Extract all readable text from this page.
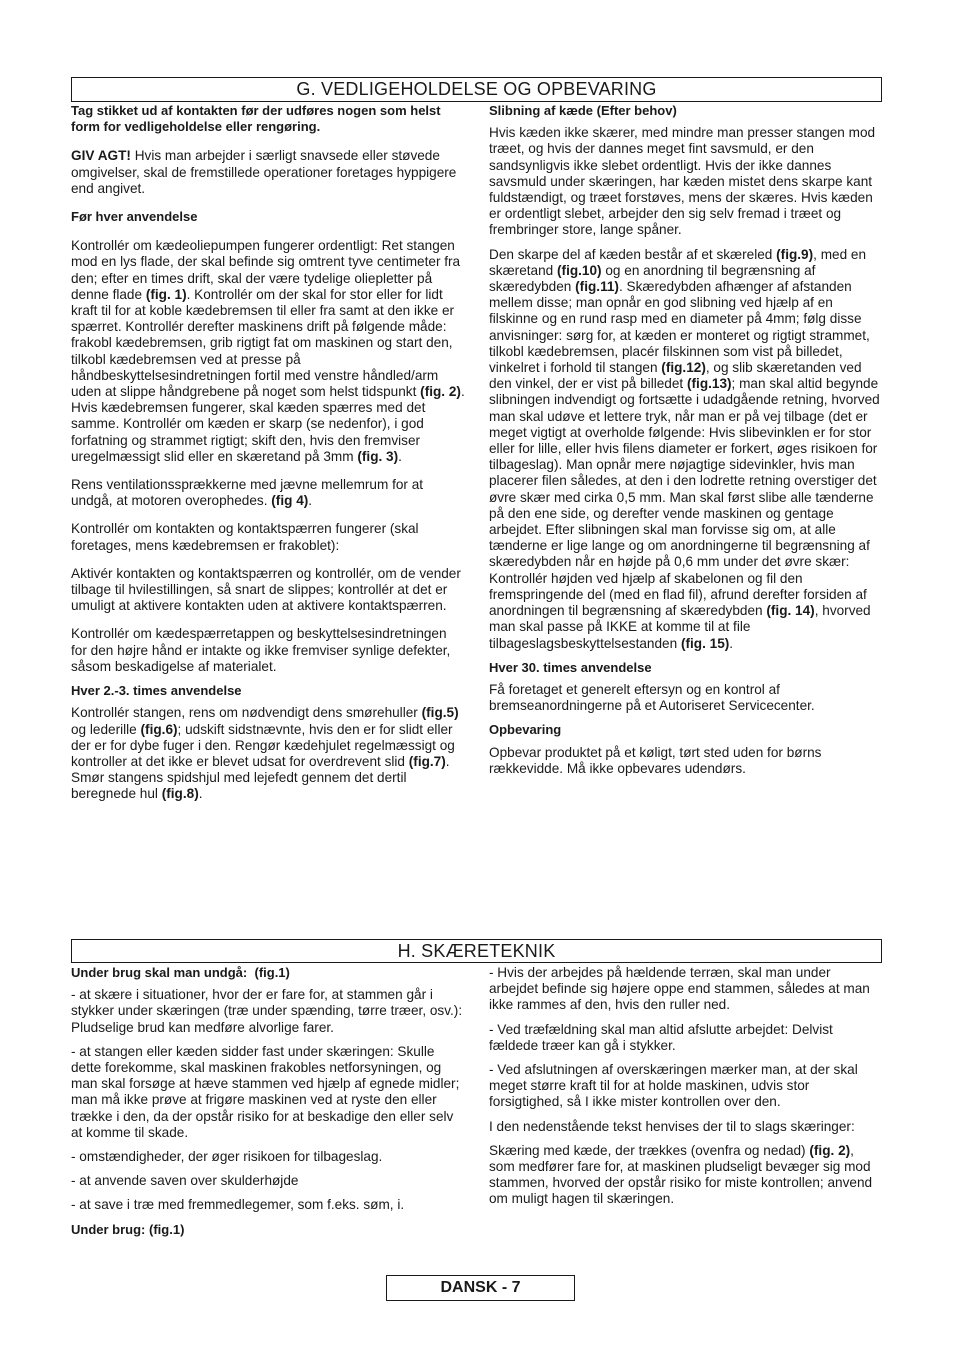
G. VEDLIGEHOLDELSE OG OPBEVARING

Tag stikket ud af kontakten før der udføres nogen som helst form for vedligeholdelse eller rengøring.

GIV AGT! Hvis man arbejder i særligt snavsede eller støvede omgivelser, skal de fremstillede operationer foretages hyppigere end angivet.

Før hver anvendelse

Kontrollér om kædeoliepumpen fungerer ordentligt: Ret stangen mod en lys flade, der skal befinde sig omtrent tyve centimeter fra den; efter en times drift, skal der være tydelige oliepletter på denne flade (fig. 1). Kontrollér om der skal for stor eller for lidt kraft til for at koble kædebremsen til eller fra samt at den ikke er spærret. Kontrollér derefter maskinens drift på følgende måde: frakobl kædebremsen, grib rigtigt fat om maskinen og start den, tilkobl kædebremsen ved at presse på håndbeskyttelsesindretningen fortil med venstre håndled/arm uden at slippe håndgrebene på noget som helst tidspunkt (fig. 2). Hvis kædebremsen fungerer, skal kæden spærres med det samme. Kontrollér om kæden er skarp (se nedenfor), i god forfatning og strammet rigtigt; skift den, hvis den fremviser uregelmæssigt slid eller en skæretand på 3mm (fig. 3).

Rens ventilationssprækkerne med jævne mellemrum for at undgå, at motoren overophedes. (fig 4).

Kontrollér om kontakten og kontaktspærren fungerer (skal foretages, mens kædebremsen er frakoblet):

Aktivér kontakten og kontaktspærren og kontrollér, om de vender tilbage til hvilestillingen, så snart de slippes; kontrollér at det er umuligt at aktivere kontakten uden at aktivere kontaktspærren.

Kontrollér om kædespærretappen og beskyttelsesindretningen for den højre hånd er intakte og ikke fremviser synlige defekter, såsom beskadigelse af materialet.

Hver 2.-3. times anvendelse

Kontrollér stangen, rens om nødvendigt dens smørehuller (fig.5) og lederille (fig.6); udskift sidstnævnte, hvis den er for slidt eller der er for dybe fuger i den. Rengør kædehjulet regelmæssigt og kontroller at det ikke er blevet udsat for overdrevent slid (fig.7). Smør stangens spidshjul med lejefedt gennem det dertil beregnede hul (fig.8).

Slibning af kæde (Efter behov)

Hvis kæden ikke skærer, med mindre man presser stangen mod træet, og hvis der dannes meget fint savsmuld, er den sandsynligvis ikke slebet ordentligt. Hvis der ikke dannes savsmuld under skæringen, har kæden mistet dens skarpe kant fuldstændigt, og træet forstøves, mens der skæres. Hvis kæden er ordentligt slebet, arbejder den sig selv fremad i træet og frembringer store, lange spåner.

Den skarpe del af kæden består af et skæreled (fig.9), med en skæretand (fig.10) og en anordning til begrænsning af skæredybden (fig.11). Skæredybden afhænger af afstanden mellem disse; man opnår en god slibning ved hjælp af en filskinne og en rund rasp med en diameter på 4mm; følg disse anvisninger: sørg for, at kæden er monteret og rigtigt strammet, tilkobl kædebremsen, placér filskinnen som vist på billedet, vinkelret i forhold til stangen (fig.12), og slib skæretanden ved den vinkel, der er vist på billedet (fig.13); man skal altid begynde slibningen indvendigt og fortsætte i udadgående retning, hvorved man skal udøve et lettere tryk, når man er på vej tilbage (det er meget vigtigt at overholde følgende: Hvis slibevinklen er for stor eller for lille, eller hvis filens diameter er forkert, øges risikoen for tilbageslag). Man opnår mere nøjagtige sidevinkler, hvis man placerer filen således, at den i den lodrette retning overstiger det øvre skær med cirka 0,5 mm. Man skal først slibe alle tænderne på den ene side, og derefter vende maskinen og gentage arbejdet. Efter slibningen skal man forvisse sig om, at alle tænderne er lige lange og om anordningerne til begrænsning af skæredybden når en højde på 0,6 mm under det øvre skær: Kontrollér højden ved hjælp af skabelonen og fil den fremspringende del (med en flad fil), afrund derefter forsiden af anordningen til begrænsning af skæredybden (fig. 14), hvorved man skal passe på IKKE at komme til at file tilbageslagsbeskyttelsestanden (fig. 15).

Hver 30. times anvendelse

Få foretaget et generelt eftersyn og en kontrol af bremseanordningerne på et Autoriseret Servicecenter.

Opbevaring

Opbevar produktet på et køligt, tørt sted uden for børns rækkevidde. Må ikke opbevares udendørs.

H. SKÆRETEKNIK

Under brug skal man undgå: (fig.1)

- at skære i situationer, hvor der er fare for, at stammen går i stykker under skæringen (træ under spænding, tørre træer, osv.): Pludselige brud kan medføre alvorlige farer.

- at stangen eller kæden sidder fast under skæringen: Skulle dette forekomme, skal maskinen frakobles netforsyningen, og man skal forsøge at hæve stammen ved hjælp af egnede midler; man må ikke prøve at frigøre maskinen ved at ryste den eller trække i den, da der opstår risiko for at beskadige den eller selv at komme til skade.

- omstændigheder, der øger risikoen for tilbageslag.

- at anvende saven over skulderhøjde

- at save i træ med fremmedlegemer, som f.eks. søm, i.

Under brug: (fig.1)

- Hvis der arbejdes på hældende terræn, skal man under arbejdet befinde sig højere oppe end stammen, således at man ikke rammes af den, hvis den ruller ned.

- Ved træfældning skal man altid afslutte arbejdet: Delvist fældede træer kan gå i stykker.

- Ved afslutningen af overskæringen mærker man, at der skal meget større kraft til for at holde maskinen, udvis stor forsigtighed, så I ikke mister kontrollen over den.

I den nedenstående tekst henvises der til to slags skæringer:

Skæring med kæde, der trækkes (ovenfra og nedad) (fig. 2), som medfører fare for, at maskinen pludseligt bevæger sig mod stammen, hvorved der opstår risiko for miste kontrollen; anvend om muligt hagen til skæringen.

DANSK - 7
